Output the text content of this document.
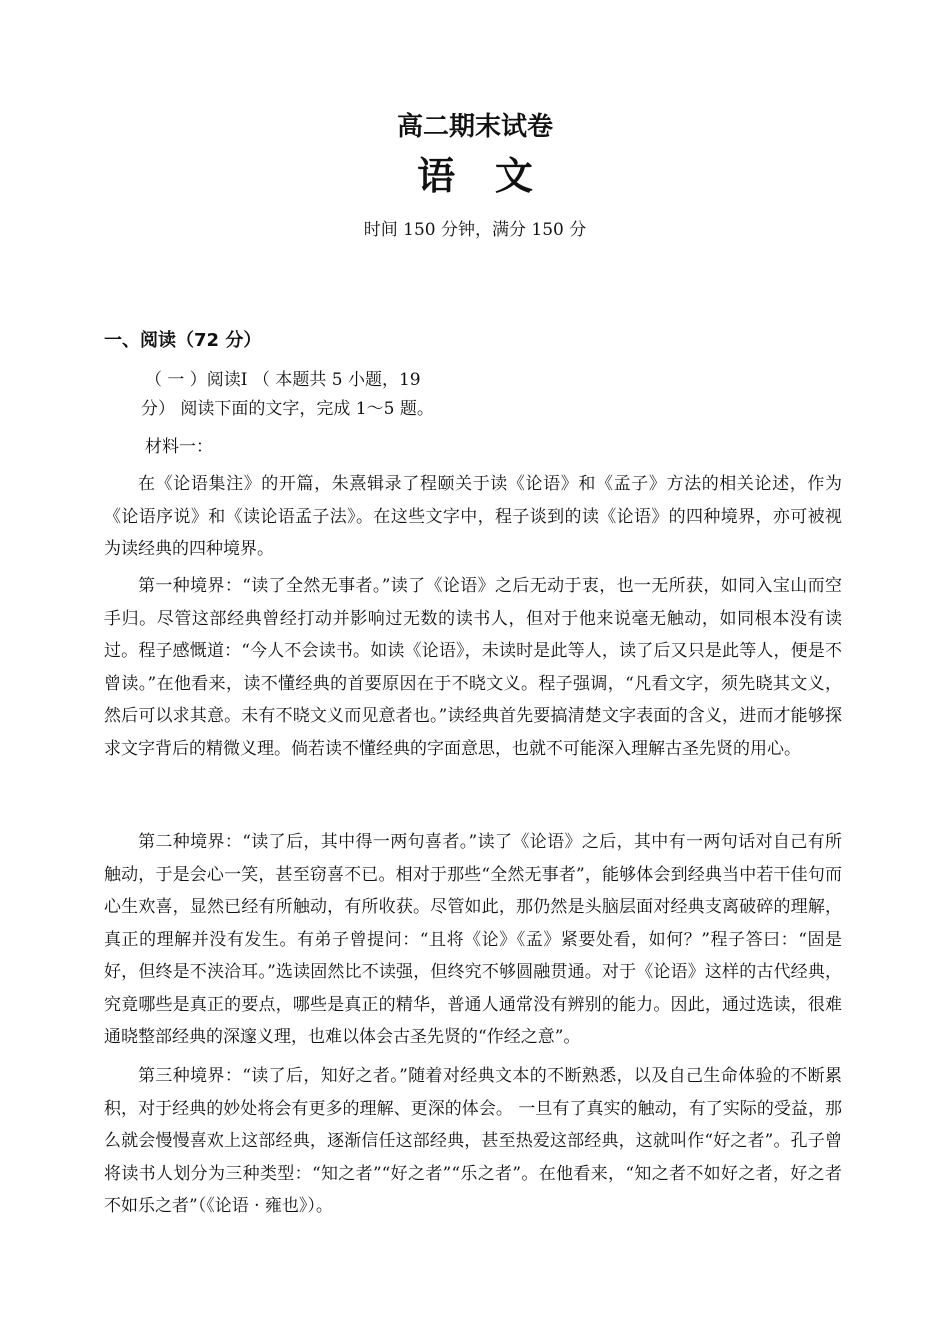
高二期末试卷
语 文
时间 150 分钟，满分 150 分
一、阅读（72 分）
（ 一 ）阅读Ⅰ （ 本题共 5 小题，19
分） 阅读下面的文字，完成 1～5 题。
材料一：

在《论语集注》的开篇，朱熹辑录了程颐关于读《论语》和《孟子》方法的相关论述，作为《论语序说》和《读论语孟子法》。在这些文字中，程子谈到的读《论语》的四种境界，亦可被视为读经典的四种境界。

第一种境界：“读了全然无事者。”读了《论语》之后无动于衷，也一无所获，如同入宝山而空手归。尽管这部经典曾经打动并影响过无数的读书人，但对于他来说毫无触动，如同根本没有读过。程子感慨道：“今人不会读书。如读《论语》，未读时是此等人，读了后又只是此等人，便是不曾读。”在他看来，读不懂经典的首要原因在于不晓文义。程子强调，“凡看文字，须先晓其文义，然后可以求其意。未有不晓文义而见意者也。”读经典首先要搞清楚文字表面的含义，进而才能够探求文字背后的精微义理。倘若读不懂经典的字面意思，也就不可能深入理解古圣先贤的用心。

第二种境界：“读了后，其中得一两句喜者。”读了《论语》之后，其中有一两句话对自己有所触动，于是会心一笑，甚至窃喜不已。相对于那些“全然无事者”，能够体会到经典当中若干佳句而心生欢喜，显然已经有所触动，有所收获。尽管如此，那仍然是头脑层面对经典支离破碎的理解，真正的理解并没有发生。有弟子曾提问：“且将《论》《孟》紧要处看，如何？”程子答曰：“固是好，但终是不浃洽耳。”选读固然比不读强，但终究不够圆融贯通。对于《论语》这样的古代经典，究竟哪些是真正的要点，哪些是真正的精华，普通人通常没有辨别的能力。因此，通过选读，很难通晓整部经典的深邃义理，也难以体会古圣先贤的“作经之意”。

第三种境界：“读了后，知好之者。”随着对经典文本的不断熟悉，以及自己生命体验的不断累积，对于经典的妙处将会有更多的理解、更深的体会。 一旦有了真实的触动，有了实际的受益，那么就会慢慢喜欢上这部经典，逐渐信任这部经典，甚至热爱这部经典，这就叫作“好之者”。孔子曾将读书人划分为三种类型：“知之者”“好之者”“乐之者”。在他看来，“知之者不如好之者，好之者不如乐之者”（《论语 · 雍也》）。
